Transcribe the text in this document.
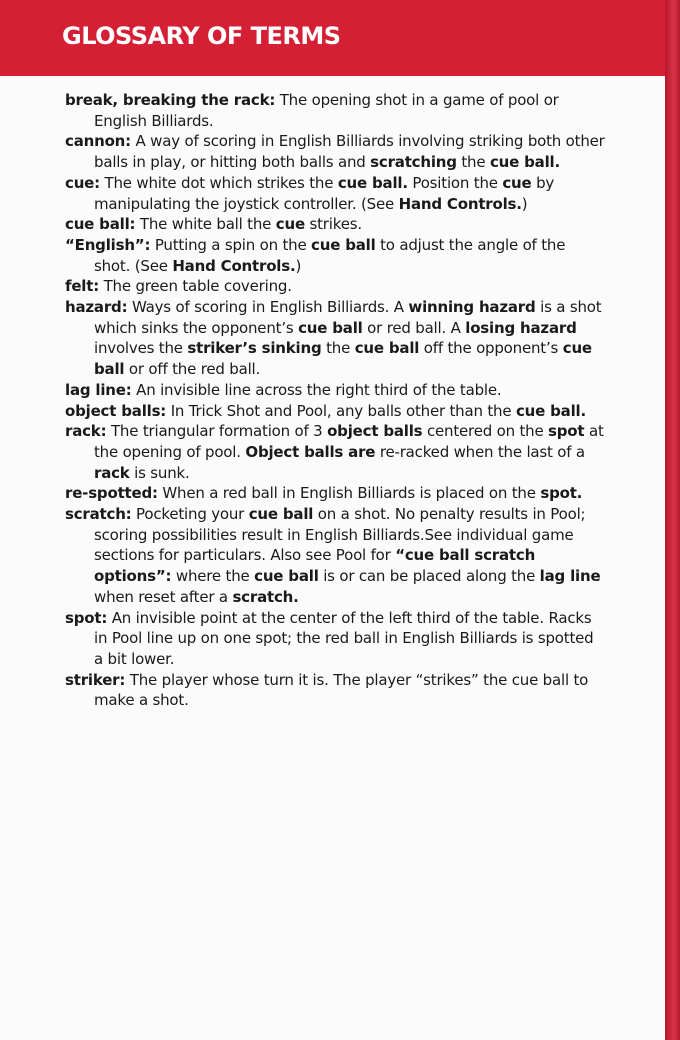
GLOSSARY OF TERMS

break, breaking the rack: The opening shot in a game of pool or English Billiards.

cannon: A way of scoring in English Billiards involving striking both other balls in play, or hitting both balls and scratching the cue ball.

cue: The white dot which strikes the cue ball. Position the cue by manipulating the joystick controller. (See Hand Controls.)

cue ball: The white ball the cue strikes.

“English”: Putting a spin on the cue ball to adjust the angle of the shot. (See Hand Controls.)

felt: The green table covering.

hazard: Ways of scoring in English Billiards. A winning hazard is a shot which sinks the opponent’s cue ball or red ball. A losing hazard involves the striker’s sinking the cue ball off the opponent’s cue ball or off the red ball.

lag line: An invisible line across the right third of the table.

object balls: In Trick Shot and Pool, any balls other than the cue ball.

rack: The triangular formation of 3 object balls centered on the spot at the opening of pool. Object balls are re-racked when the last of a rack is sunk.

re-spotted: When a red ball in English Billiards is placed on the spot.

scratch: Pocketing your cue ball on a shot. No penalty results in Pool; scoring possibilities result in English Billiards.See individual game sections for particulars. Also see Pool for “cue ball scratch options”: where the cue ball is or can be placed along the lag line when reset after a scratch.

spot: An invisible point at the center of the left third of the table. Racks in Pool line up on one spot; the red ball in English Billiards is spotted a bit lower.

striker: The player whose turn it is. The player “strikes” the cue ball to make a shot.
